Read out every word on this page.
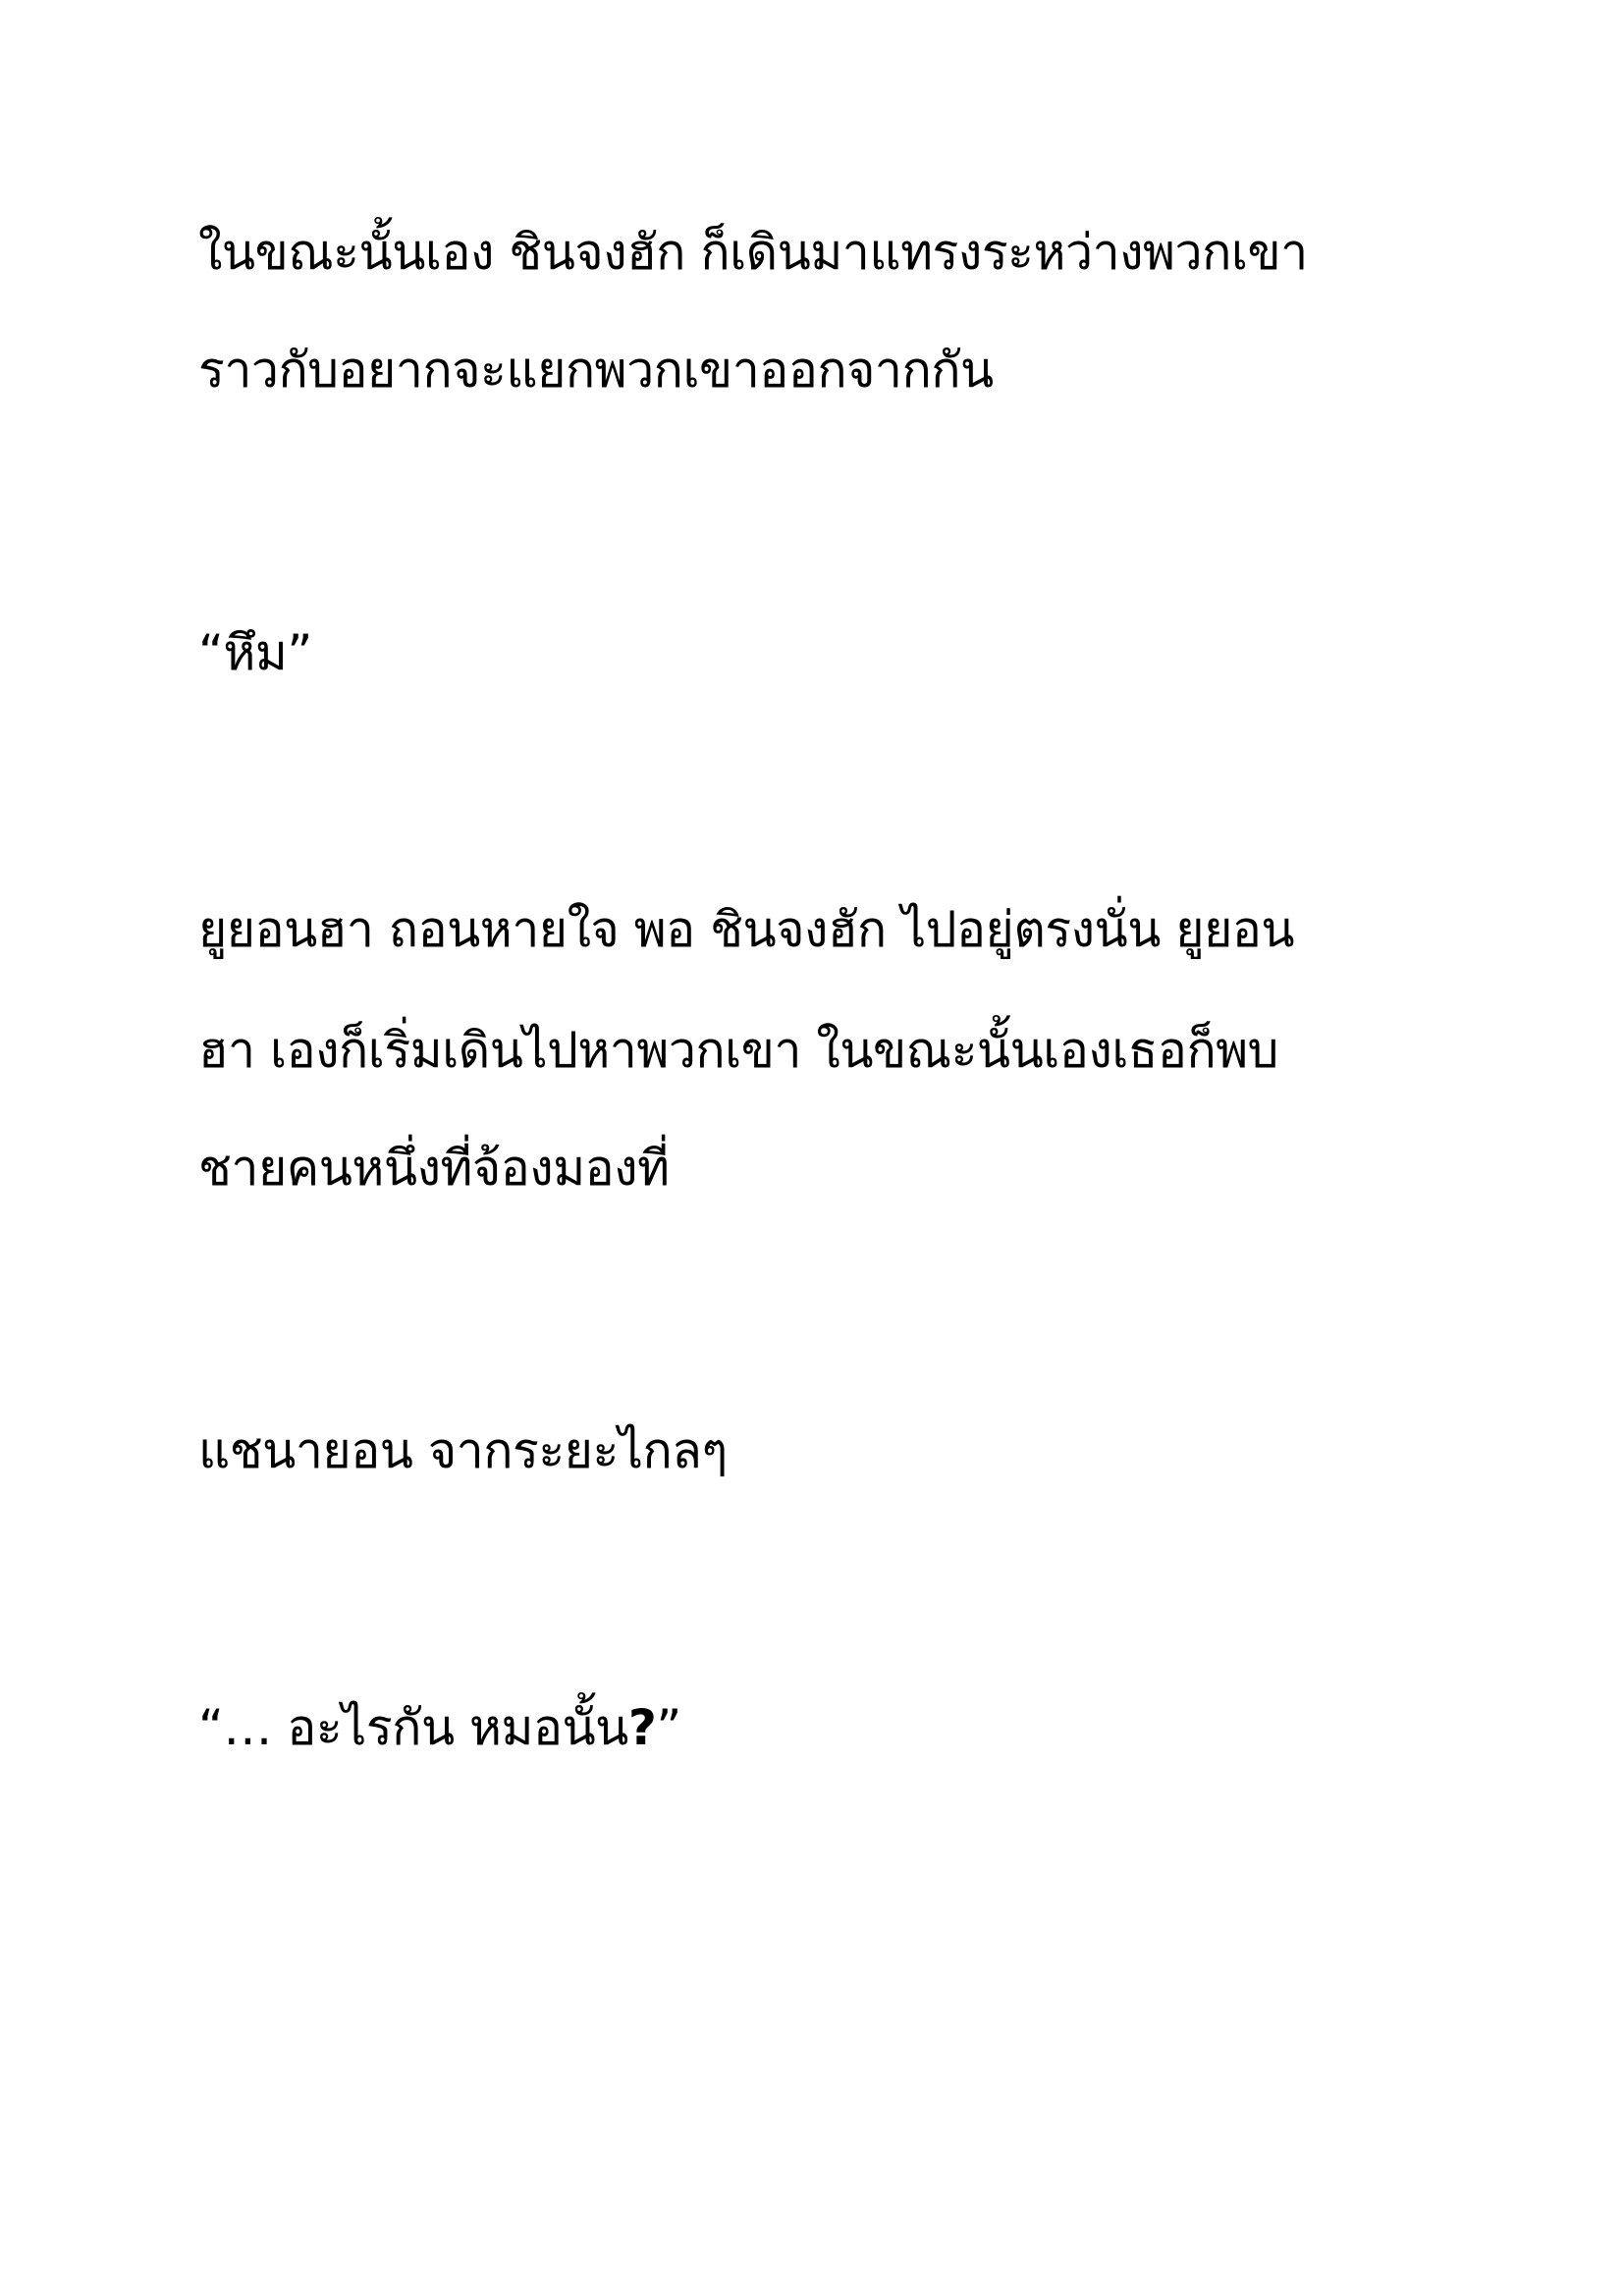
ในขณะนั้นเอง ชินจงฮัก ก็เดินมาแทรงระหว่างพวกเขา

ราวกับอยากจะแยกพวกเขาออกจากกัน

“หึม”

ยูยอนฮา ถอนหายใจ พอ ชินจงฮัก ไปอยู่ตรงนั่น ยูยอน

ฮา เองก็เริ่มเดินไปหาพวกเขา ในขณะนั้นเองเธอก็พบ

ชายคนหนึ่งที่จ้องมองที่

แชนายอน จากระยะไกลๆ

“… อะไรกัน หมอนั้น?”
